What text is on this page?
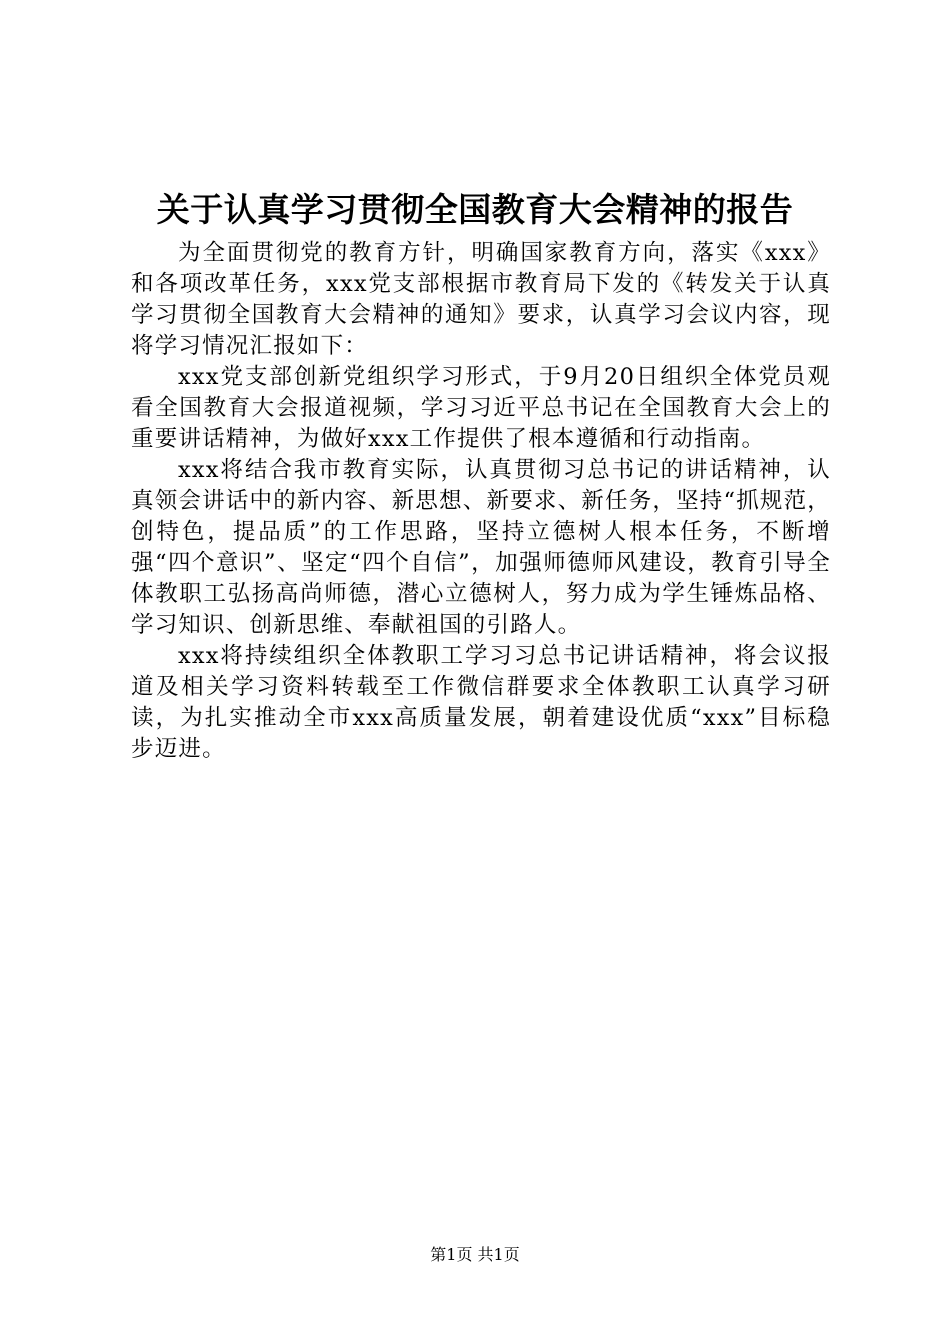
关于认真学习贯彻全国教育大会精神的报告

为全面贯彻党的教育方针，明确国家教育方向，落实《xxx》和各项改革任务，xxx党支部根据市教育局下发的《转发关于认真学习贯彻全国教育大会精神的通知》要求，认真学习会议内容，现将学习情况汇报如下：

xxx党支部创新党组织学习形式，于9月20日组织全体党员观看全国教育大会报道视频，学习习近平总书记在全国教育大会上的重要讲话精神，为做好xxx工作提供了根本遵循和行动指南。

xxx将结合我市教育实际，认真贯彻习总书记的讲话精神，认真领会讲话中的新内容、新思想、新要求、新任务，坚持“抓规范，创特色，提品质”的工作思路，坚持立德树人根本任务，不断增强“四个意识”、坚定“四个自信”，加强师德师风建设，教育引导全体教职工弘扬高尚师德，潜心立德树人，努力成为学生锤炼品格、学习知识、创新思维、奉献祖国的引路人。

xxx将持续组织全体教职工学习习总书记讲话精神，将会议报道及相关学习资料转载至工作微信群要求全体教职工认真学习研读，为扎实推动全市xxx高质量发展，朝着建设优质“xxx”目标稳步迈进。

第1页 共1页
